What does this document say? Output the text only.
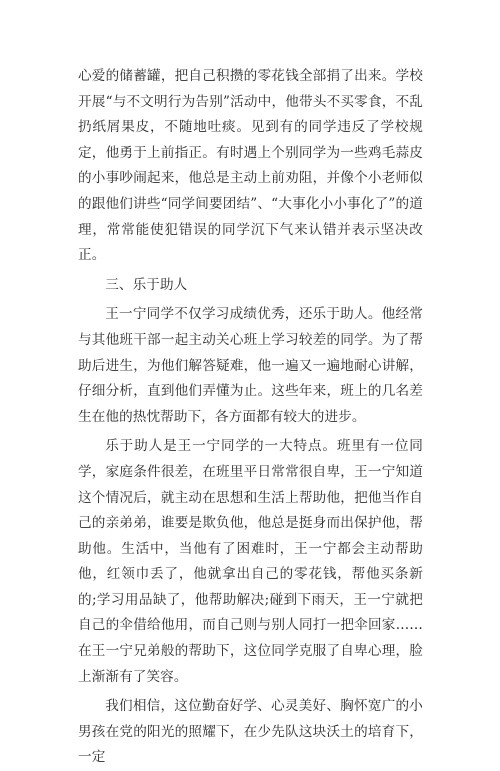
心爱的储蓄罐，把自己积攒的零花钱全部捐了出来。学校开展“与不文明行为告别”活动中，他带头不买零食，不乱扔纸屑果皮，不随地吐痰。见到有的同学违反了学校规定，他勇于上前指正。有时遇上个别同学为一些鸡毛蒜皮的小事吵闹起来，他总是主动上前劝阻，并像个小老师似的跟他们讲些“同学间要团结”、“大事化小小事化了”的道理，常常能使犯错误的同学沉下气来认错并表示坚决改正。

三、乐于助人

王一宁同学不仅学习成绩优秀，还乐于助人。他经常与其他班干部一起主动关心班上学习较差的同学。为了帮助后进生，为他们解答疑难，他一遍又一遍地耐心讲解，仔细分析，直到他们弄懂为止。这些年来，班上的几名差生在他的热忱帮助下，各方面都有较大的进步。

乐于助人是王一宁同学的一大特点。班里有一位同学，家庭条件很差，在班里平日常常很自卑，王一宁知道这个情况后，就主动在思想和生活上帮助他，把他当作自己的亲弟弟，谁要是欺负他，他总是挺身而出保护他，帮助他。生活中，当他有了困难时，王一宁都会主动帮助他，红领巾丢了，他就拿出自己的零花钱，帮他买条新的;学习用品缺了，他帮助解决;碰到下雨天，王一宁就把自己的伞借给他用，而自己则与别人同打一把伞回家……在王一宁兄弟般的帮助下，这位同学克服了自卑心理，脸上渐渐有了笑容。

我们相信，这位勤奋好学、心灵美好、胸怀宽广的小男孩在党的阳光的照耀下，在少先队这块沃土的培育下，一定
